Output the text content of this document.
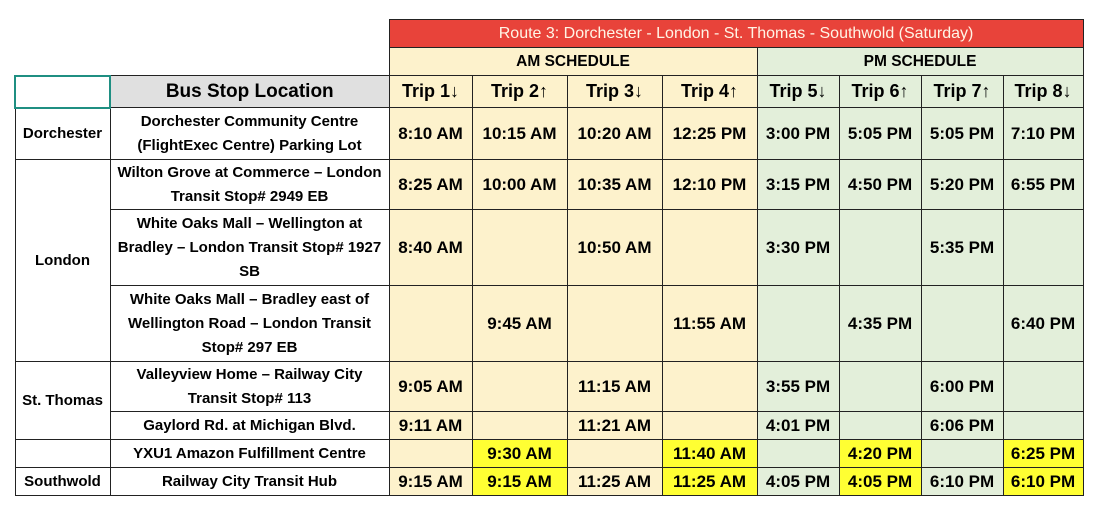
		Route 3: Dorchester - London - St. Thomas - Southwold (Saturday)							
		AM SCHEDULE				PM SCHEDULE			
	Bus Stop Location	Trip 1↓	Trip 2↑	Trip 3↓	Trip 4↑	Trip 5↓	Trip 6↑	Trip 7↑	Trip 8↓
Dorchester	Dorchester Community Centre (FlightExec Centre) Parking Lot	8:10 AM	10:15 AM	10:20 AM	12:25 PM	3:00 PM	5:05 PM	5:05 PM	7:10 PM
London	Wilton Grove at Commerce – London Transit Stop# 2949 EB	8:25 AM	10:00 AM	10:35 AM	12:10 PM	3:15 PM	4:50 PM	5:20 PM	6:55 PM
	White Oaks Mall – Wellington at Bradley – London Transit Stop# 1927 SB	8:40 AM		10:50 AM		3:30 PM		5:35 PM	
	White Oaks Mall – Bradley east of Wellington Road – London Transit Stop# 297 EB		9:45 AM		11:55 AM		4:35 PM		6:40 PM
St. Thomas	Valleyview Home – Railway City Transit Stop# 113	9:05 AM		11:15 AM		3:55 PM		6:00 PM	
	Gaylord Rd. at Michigan Blvd.	9:11 AM		11:21 AM		4:01 PM		6:06 PM	
	YXU1 Amazon Fulfillment Centre		9:30 AM		11:40 AM		4:20 PM		6:25 PM
Southwold	Railway City Transit Hub	9:15 AM	9:15 AM	11:25 AM	11:25 AM	4:05 PM	4:05 PM	6:10 PM	6:10 PM
